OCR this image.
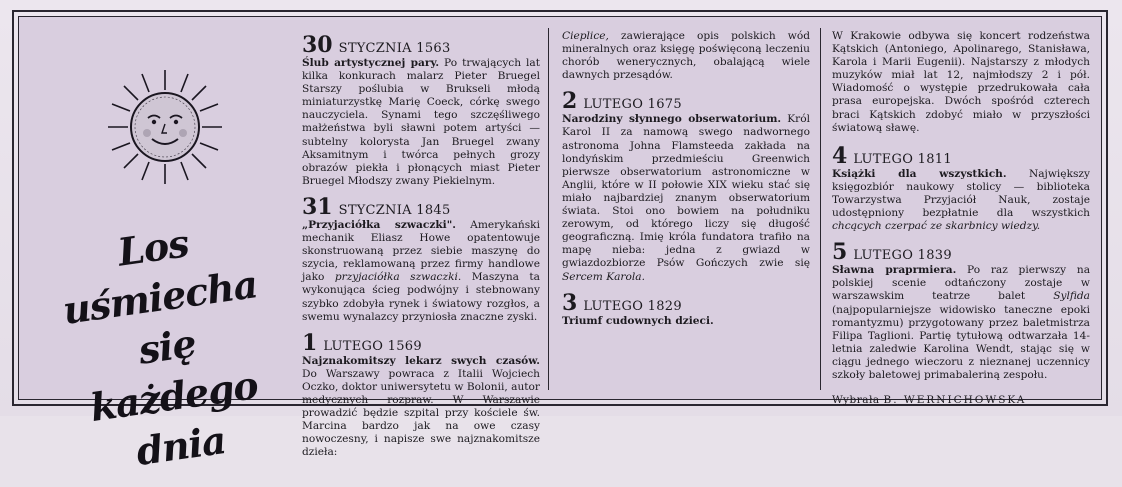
Los
uśmiecha się
każdego dnia
30 STYCZNIA 1563

Ślub artystycznej pary. Po trwających lat kilka konkurach malarz Pieter Bruegel Starszy poślubia w Brukseli młodą miniaturzystkę Marię Coeck, córkę swego nauczyciela. Synami tego szczęśliwego małżeństwa byli sławni potem artyści — subtelny kolorysta Jan Bruegel zwany Aksamitnym i twórca pełnych grozy obrazów piekła i płonących miast Pieter Bruegel Młodszy zwany Piekielnym.

31 STYCZNIA 1845

„Przyjaciółka szwaczki". Amerykański mechanik Eliasz Howe opatentowuje skonstruowaną przez siebie maszynę do szycia, reklamowaną przez firmy handlowe jako przyjaciółka szwaczki. Maszyna ta wykonująca ścieg podwójny i stebnowany szybko zdobyła rynek i światowy rozgłos, a swemu wynalazcy przyniosła znaczne zyski.

1 LUTEGO 1569

Najznakomitszy lekarz swych czasów. Do Warszawy powraca z Italii Wojciech Oczko, doktor uniwersytetu w Bolonii, autor medycznych rozpraw. W Warszawie prowadzić będzie szpital przy kościele św. Marcina bardzo jak na owe czasy nowoczesny, i napisze swe najznakomitsze dzieła:

Cieplice, zawierające opis polskich wód mineralnych oraz księgę poświęconą leczeniu chorób wenerycznych, obalającą wiele dawnych przesądów.

2 LUTEGO 1675

Narodziny słynnego obserwatorium. Król Karol II za namową swego nadwornego astronoma Johna Flamsteeda zakłada na londyńskim przedmieściu Greenwich pierwsze obserwatorium astronomiczne w Anglii, które w II połowie XIX wieku stać się miało najbardziej znanym obserwatorium świata. Stoi ono bowiem na południku zerowym, od którego liczy się długość geograficzną. Imię króla fundatora trafiło na mapę nieba: jedna z gwiazd w gwiazdozbiorze Psów Gończych zwie się Sercem Karola.

3 LUTEGO 1829

Triumf cudownych dzieci.

W Krakowie odbywa się koncert rodzeństwa Kątskich (Antoniego, Apolinarego, Stanisława, Karola i Marii Eugenii). Najstarszy z młodych muzyków miał lat 12, najmłodszy 2 i pół. Wiadomość o występie przedrukowała cała prasa europejska. Dwóch spośród czterech braci Kątskich zdobyć miało w przyszłości światową sławę.

4 LUTEGO 1811

Książki dla wszystkich. Największy księgozbiór naukowy stolicy — biblioteka Towarzystwa Przyjaciół Nauk, zostaje udostępniony bezpłatnie dla wszystkich chcących czerpać ze skarbnicy wiedzy.

5 LUTEGO 1839

Sławna praprmiera. Po raz pierwszy na polskiej scenie odtańczony zostaje w warszawskim teatrze balet	Sylfida (najpopularniejsze widowisko taneczne epoki romantyzmu) przygotowany przez baletmistrza Filipa Taglioni. Partię tytułową odtwarzała 14-letnia zaledwie Karolina Wendt, stając się w ciągu jednego wieczoru z nieznanej uczennicy szkoły baletowej primabaleriną zespołu.

Wybrała B. WERNICHOWSKA
